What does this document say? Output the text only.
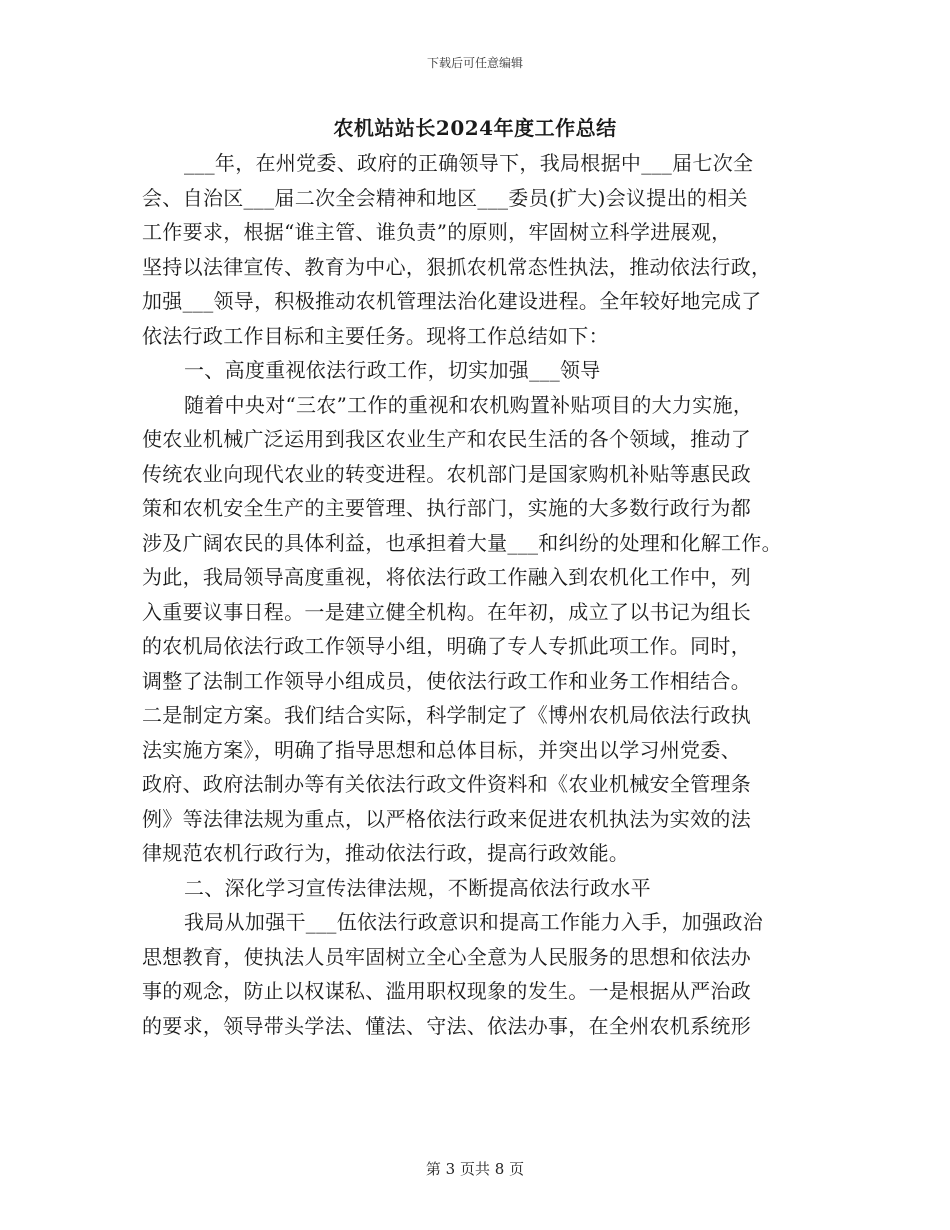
下载后可任意编辑
农机站站长2024年度工作总结
___年，在州党委、政府的正确领导下，我局根据中___届七次全
会、自治区___届二次全会精神和地区___委员(扩大)会议提出的相关
工作要求，根据“谁主管、谁负责”的原则，牢固树立科学进展观，
坚持以法律宣传、教育为中心，狠抓农机常态性执法，推动依法行政，
加强___领导，积极推动农机管理法治化建设进程。全年较好地完成了
依法行政工作目标和主要任务。现将工作总结如下：
一、高度重视依法行政工作，切实加强___领导
随着中央对“三农”工作的重视和农机购置补贴项目的大力实施，
使农业机械广泛运用到我区农业生产和农民生活的各个领域，推动了
传统农业向现代农业的转变进程。农机部门是国家购机补贴等惠民政
策和农机安全生产的主要管理、执行部门，实施的大多数行政行为都
涉及广阔农民的具体利益，也承担着大量___和纠纷的处理和化解工作。
为此，我局领导高度重视，将依法行政工作融入到农机化工作中，列
入重要议事日程。一是建立健全机构。在年初，成立了以书记为组长
的农机局依法行政工作领导小组，明确了专人专抓此项工作。同时，
调整了法制工作领导小组成员，使依法行政工作和业务工作相结合。
二是制定方案。我们结合实际，科学制定了《博州农机局依法行政执
法实施方案》，明确了指导思想和总体目标，并突出以学习州党委、
政府、政府法制办等有关依法行政文件资料和《农业机械安全管理条
例》等法律法规为重点，以严格依法行政来促进农机执法为实效的法
律规范农机行政行为，推动依法行政，提高行政效能。
二、深化学习宣传法律法规，不断提高依法行政水平
我局从加强干___伍依法行政意识和提高工作能力入手，加强政治
思想教育，使执法人员牢固树立全心全意为人民服务的思想和依法办
事的观念，防止以权谋私、滥用职权现象的发生。一是根据从严治政
的要求，领导带头学法、懂法、守法、依法办事，在全州农机系统形
第 3 页共 8 页
